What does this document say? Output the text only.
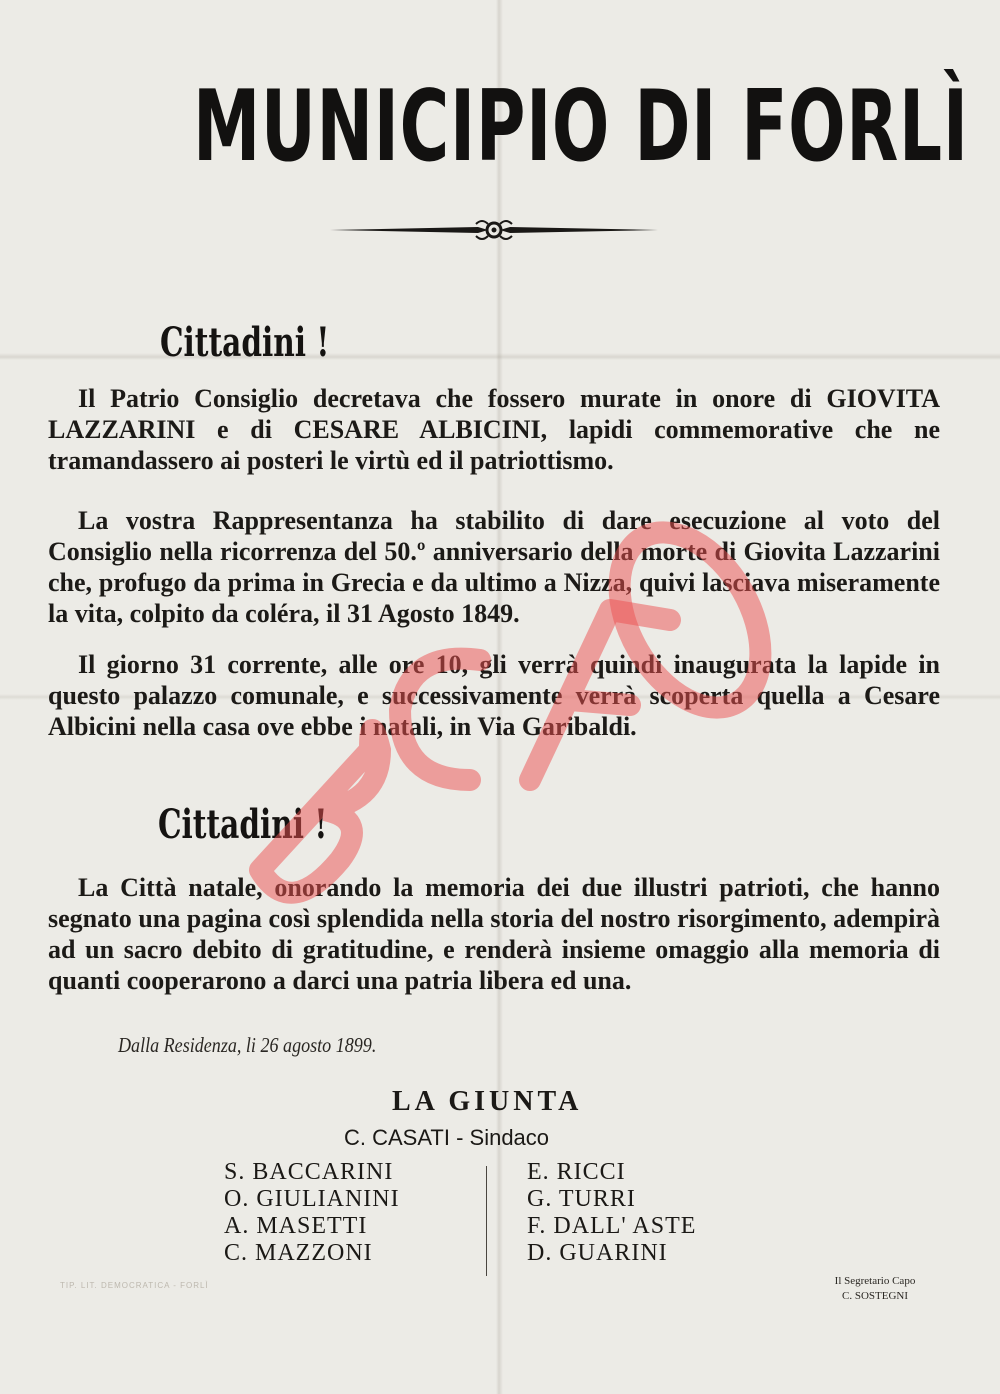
MUNICIPIO DI FORLÌ
Cittadini !

Il Patrio Consiglio decretava che fossero murate in onore di GIOVITA LAZZARINI e di CESARE ALBICINI, lapidi commemorative che ne tramandassero ai posteri le virtù ed il patriottismo.

La vostra Rappresentanza ha stabilito di dare esecuzione al voto del Consiglio nella ricorrenza del 50.º anniversario della morte di Giovita Lazzarini che, profugo da prima in Grecia e da ultimo a Nizza, quivi lasciava miseramente la vita, colpito da coléra, il 31 Agosto 1849.

Il giorno 31 corrente, alle ore 10, gli verrà quindi inaugurata la lapide in questo palazzo comunale, e successivamente verrà scoperta quella a Cesare Albicini nella casa ove ebbe i natali, in Via Garibaldi.

Cittadini !

La Città natale, onorando la memoria dei due illustri patrioti, che hanno segnato una pagina così splendida nella storia del nostro risorgimento, adempirà ad un sacro debito di gratitudine, e renderà insieme omaggio alla memoria di quanti cooperarono a darci una patria libera ed una.

Dalla Residenza, li 26 agosto 1899.
LA GIUNTA
C. CASATI - Sindaco
S. BACCARINI
O. GIULIANINI
A. MASETTI
C. MAZZONI
E. RICCI
G. TURRI
F. DALL' ASTE
D. GUARINI
TIP. LIT. DEMOCRATICA - FORLÌ	Il Segretario Capo
C. SOSTEGNI
